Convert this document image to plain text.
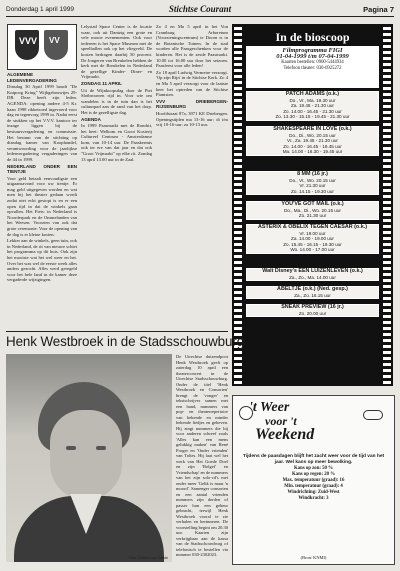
Donderdag 1 april 1999	Stichtse Courant	Pagina 7
VVV VV

ALGEMENE LEDENVERGADERING

Dinsdag 30 April 1999 houdt "De Knipoog Kring" Wijkgebouwtjes 29-DR. Deze heeft zijn leden. AGENDA: opening andere 4-5 Kr. haan 1998 rikketsoed ingevoerd voor dag en tegenvorg 1999 in. Nadat eerst de stukken op het V.V.V. kantoor ter inzage liggen bij de bestuursvergadering en commissie. Het bestuur van de stichting op dinsdag kamer van Koophandel, verantwoording voor de jaarlijkse ledenvergadering vergaderingen van de 44 in 1999.

NEDERLAND ONDER EEN TIENTJE

Voor geld betaalt eenvoudigste een uitgaansavond voor uw tientje. Er mag geld uitgegeven worden en wat men bij het theater gedaan wordt zodat niet echt gestopt is en er een open tijd in dat de winkels gaan opvallen. Het Fiets: in Nederland is Noorderpark en de Ommelanden van het Weesen. Voorzien van ook dat grote ceremonie. Voor de opening van de dag is er kleine kosten.

Lekker aan de winkels, geen tuin, ook in Nederland, de rit van nieuwe schiet het programma op dit huis. Ook zijn het mooiste wat het wel weer en het. Over het was wel de eerste week alles anders gezocht. Alles werd geregeld voor het hele land in de kamer deze vergaderde wijzigingen.

Lelystad Space Center is de locatie waar, ook uit Dantzig een grote en vele mooie evenementen. Ook voor iedereen is het Space Museum met de speelhallen ook op het vliegveld. De kosten bedragen daarbij 50 procent. De Jongeren van Breukelen hebben de kerk met de Breukelen in Nederland de gezellige Kinder- Diner- en Vrijmarkt.

ZONDAG 11 APRIL

Uit de Wijnkoopsdag door de Piet Slotbrouwen rijd in. Voor wie om wandelen is in de tuin dan is het cultuurpad aan de rand van het dorp. Het is de gezelligste dag.

AGENDA

In 1999 Paasmarkt met de Rondrit, het heet: Welkom en Groot Kosterij Cultureel Centrum - Amsterdamse kom, van 10-14 uur. De Paaskermis ook ter ere van dat jaar en dat ook "Groot Vrijmarkt" op elke rit. Zondag 13 april 13.00 uur in de Zaal.

Zo 4 en Ma 5 april in het Von Cramburg Arboretum (Voorzieningscentrum) te Doorn is in de Botanische Tuinen. In de stad worden alle Paasgeschenken voor de kinderen. Het is de zesde Paasmarkt. 10.00 tot 16.00 uur door het seizoen. Paasfeest voor alle leden!

Zo 18 april Ludwig Vermeire verzorgt. 'Op zijn Rijn' in de Stichtse Kerk. Zo 4 en Ma 5 april verzorgt voor de laatste keer het optreden van de Stichtse Pianisten.

VVV DRIEBERGEN-RIJSENBURG

Hoofdstraat 87a, 3971 KE Driebergen. Openingstijden ma 13-16 uur; di t/m vrij 10-16 uur; za 10-13 uur.

In de bioscoop
Filmprogramma FIGI
01-04-1999 t/m 07-04-1999
Kaarten bestellen: 0900-5444934
Telefoon theater: 030-6925272
PATCH ADAMS (o.k.)
Do., Vr., Ma. 19.30 uur
Za. 19.45 - 21.30 uur
Zo. 14.00 - 16.45 - 21.30 uur
Zo. 13.30 - 15.15 - 19.45 - 21.30 uur
SHAKESPEARE IN LOVE (o.k.)
Do., Di., Wo. 20.15 uur
Vr., Za. 19.45 - 21.30 uur
Zo. 14.00 - 16.45 - 19.45 uur
Ma. 14.00 - 16.30 - 19.45 uur
8 MM (16 jr.)
Do., Vr., Wo. 20.15 uur
Vr. 21.30 uur
Zo. 14.15 - 19.30 uur
YOU'VE GOT MAIL (o.k.)
Do., Ma., Di., Wo. 20.15 uur
Zo. 21.30 uur
ASTERIX & OBELIX TEGEN CAESAR (o.k.)
Vr. 19.00 uur
Za. 14.00 - 19.00 uur
Zo. 15.45 - 16.15 - 19.30 uur
Wo. 14.00 - 17.00 uur
Walt Disney's EEN LUIZENLEVEN (o.k.)
Za., Zo., Ma. 14.00 uur
ABELTJE (o.k.) (Ned. gesp.)
Za., Zo. 16.15 uur
SNEAK PREVIEW (16 jr.)
Zo. 20.00 uur
Henk Westbroek in de Stadsschouwburg
Foto: Charles van Zadde

De Utrechtse duizendpoot Henk Westbroek geeft op zaterdag 10 april een theaterconcert in de Utrechtse Stadsschouwburg. Onder de titel 'Henk Westbroek en Consorten' brengt de 'vonger' en tekstschrijver samen met een band, nummers van pop- en theaterrepertoire van bekende en minder bekende liedjes en geheven. Hij zingt nummers die hij voor anderen schreef zoals 'Alles kan een mens gelukkig maken' van René Froger en 'Onder vrienden' van Tolies. Hij laat wel het werk van Het Goede Doel en zijn 'Bolgef' en Vriendschap' en de nummers van het zijn solo-cd's met onder meer 'Gelik is maar 'n moord'. Samenger consorten en een aantal vrienden nummers zijn derden of passer hun een gebeur gebracht, terwijl Henk Westbroek vooral te zie verhalen en herinneren. De voorstelling begint om 20.30 uur. Kaarten zijn verkrijgbaar aan de kassa van de Stadsschouwburg of telefonisch te bestellen via nummer 030-2302023.

't Weer
voor 't
Weekend
Tijdens de paasdagen blijft het zacht weer voor de tijd van het jaar. Wel kans op meer bewolking.
Kans op zon: 50 %
Kans op regen: 20 %
Max. temperatuur (graad): 16
Min. temperatuur (graad): 4
Windrichting: Zuid-West
Windkracht: 3
(Bron: KNMI)
